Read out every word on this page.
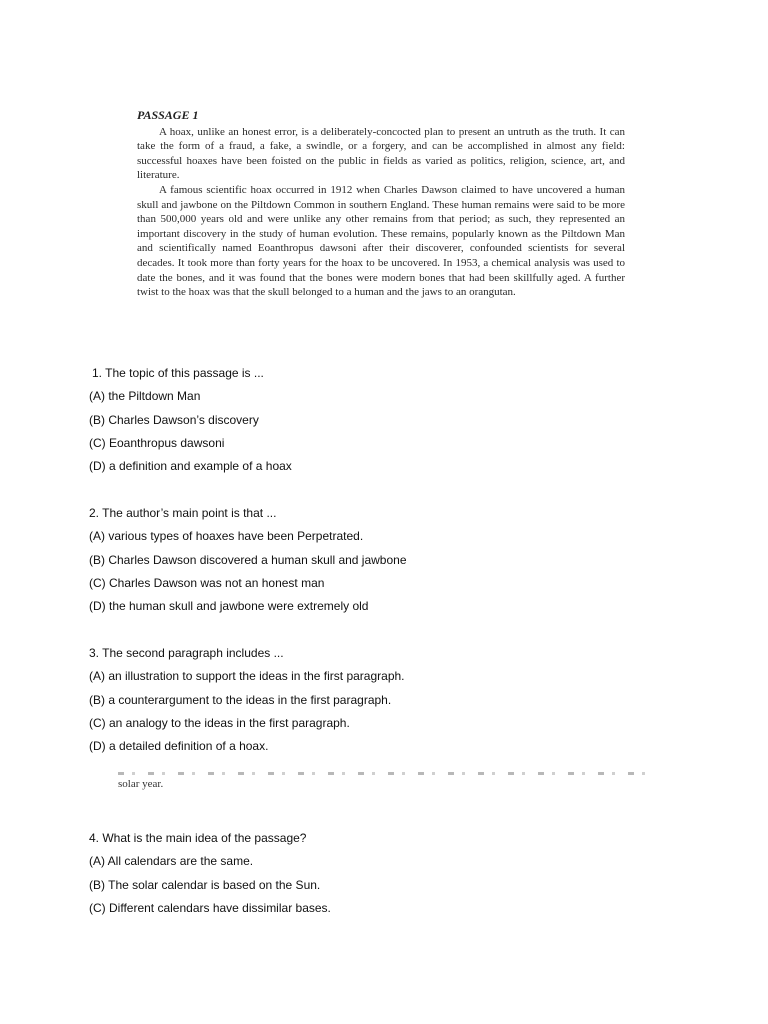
PASSAGE 1

A hoax, unlike an honest error, is a deliberately-concocted plan to present an untruth as the truth. It can take the form of a fraud, a fake, a swindle, or a forgery, and can be accomplished in almost any field: successful hoaxes have been foisted on the public in fields as varied as politics, religion, science, art, and literature.

A famous scientific hoax occurred in 1912 when Charles Dawson claimed to have uncovered a human skull and jawbone on the Piltdown Common in southern England. These human remains were said to be more than 500,000 years old and were unlike any other remains from that period; as such, they represented an important discovery in the study of human evolution. These remains, popularly known as the Piltdown Man and scientifically named Eoanthropus dawsoni after their discoverer, confounded scientists for several decades. It took more than forty years for the hoax to be uncovered. In 1953, a chemical analysis was used to date the bones, and it was found that the bones were modern bones that had been skillfully aged. A further twist to the hoax was that the skull belonged to a human and the jaws to an orangutan.

1. The topic of this passage is ...
(A) the Piltdown Man
(B) Charles Dawson’s discovery
(C) Eoanthropus dawsoni
(D) a definition and example of a hoax
2. The author’s main point is that ...
(A) various types of hoaxes have been Perpetrated.
(B) Charles Dawson discovered a human skull and jawbone
(C) Charles Dawson was not an honest man
(D) the human skull and jawbone were extremely old
3. The second paragraph includes ...
(A) an illustration to support the ideas in the first paragraph.
(B) a counterargument to the ideas in the first paragraph.
(C) an analogy to the ideas in the first paragraph.
(D) a detailed definition of a hoax.
4. What is the main idea of the passage?
(A) All calendars are the same.
(B) The solar calendar is based on the Sun.
(C) Different calendars have dissimilar bases.
solar year.
